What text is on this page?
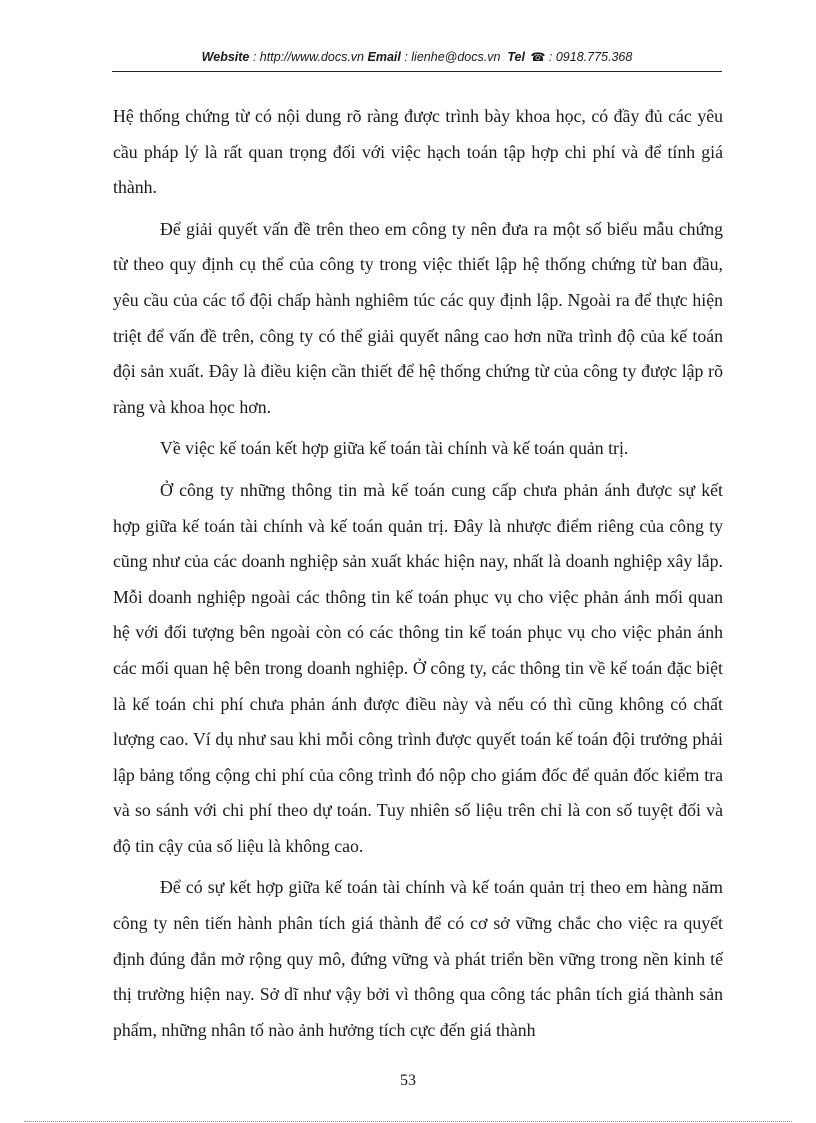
Website : http://www.docs.vn Email : lienhe@docs.vn Tel ☎ : 0918.775.368

Hệ thống chứng từ có nội dung rõ ràng được trình bày khoa học, có đầy đủ các yêu cầu pháp lý là rất quan trọng đối với việc hạch toán tập hợp chi phí và để tính giá thành.

Để giải quyết vấn đề trên theo em công ty nên đưa ra một số biểu mẫu chứng từ theo quy định cụ thể của công ty trong việc thiết lập hệ thống chứng từ ban đầu, yêu cầu của các tổ đội chấp hành nghiêm túc các quy định lập. Ngoài ra để thực hiện triệt để vấn đề trên, công ty có thể giải quyết nâng cao hơn nữa trình độ của kế toán đội sản xuất. Đây là điều kiện cần thiết để hệ thống chứng từ của công ty được lập rõ ràng và khoa học hơn.

Về việc kế toán kết hợp giữa kế toán tài chính và kế toán quản trị.

Ở công ty những thông tin mà kế toán cung cấp chưa phản ánh được sự kết hợp giữa kế toán tài chính và kế toán quản trị. Đây là nhược điểm riêng của công ty cũng như của các doanh nghiệp sản xuất khác hiện nay, nhất là doanh nghiệp xây lắp. Mỗi doanh nghiệp ngoài các thông tin kế toán phục vụ cho việc phản ánh mối quan hệ với đối tượng bên ngoài còn có các thông tin kế toán phục vụ cho việc phản ánh các mối quan hệ bên trong doanh nghiệp. Ở công ty, các thông tin về kế toán đặc biệt là kế toán chi phí chưa phản ánh được điều này và nếu có thì cũng không có chất lượng cao. Ví dụ như sau khi mỗi công trình được quyết toán kế toán đội trưởng phải lập bảng tổng cộng chi phí của công trình đó nộp cho giám đốc để quản đốc kiểm tra và so sánh với chi phí theo dự toán. Tuy nhiên số liệu trên chỉ là con số tuyệt đối và độ tin cậy của số liệu là không cao.

Để có sự kết hợp giữa kế toán tài chính và kế toán quản trị theo em hàng năm công ty nên tiến hành phân tích giá thành để có cơ sở vững chắc cho việc ra quyết định đúng đắn mở rộng quy mô, đứng vững và phát triển bền vững trong nền kinh tế thị trường hiện nay. Sở dĩ như vậy bởi vì thông qua công tác phân tích giá thành sản phẩm, những nhân tố nào ảnh hưởng tích cực đến giá thành

53
